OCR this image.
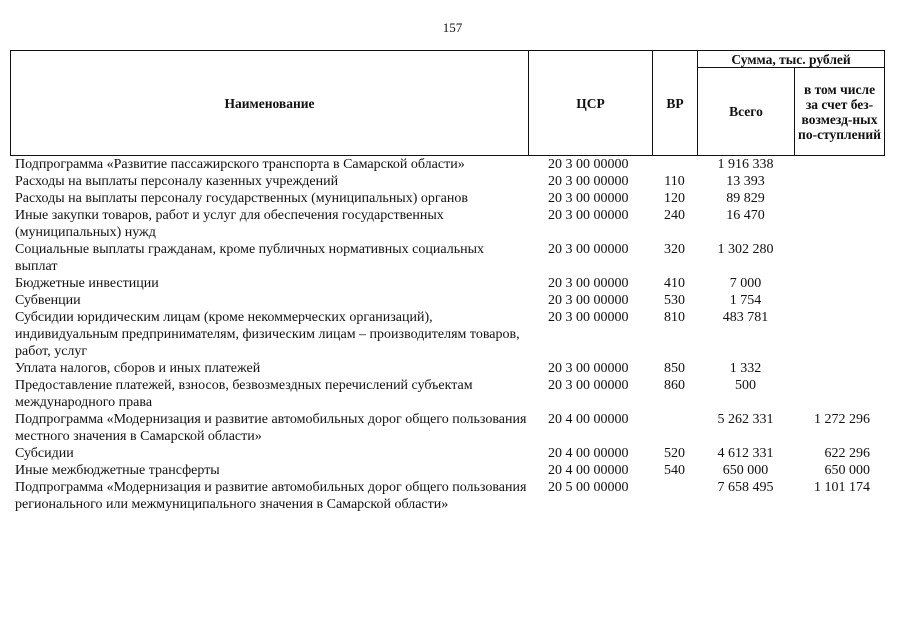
157
Наименование	ЦСР	ВР	Сумма, тыс. рублей	
			Всего	в том числе за счет без-возмезд-ных по-ступлений
Подпрограмма «Развитие пассажирского транспорта в Самарской области»	20 3 00 00000		1 916 338	
Расходы на выплаты персоналу казенных учреждений	20 3 00 00000	110	13 393	
Расходы на выплаты персоналу государственных (муниципальных) органов	20 3 00 00000	120	89 829	
Иные закупки товаров, работ и услуг для обеспечения государственных (муниципальных) нужд	20 3 00 00000	240	16 470	
Социальные выплаты гражданам, кроме публичных нормативных социальных выплат	20 3 00 00000	320	1 302 280	
Бюджетные инвестиции	20 3 00 00000	410	7 000	
Субвенции	20 3 00 00000	530	1 754	
Субсидии юридическим лицам (кроме некоммерческих организаций), индивидуальным предпринимателям, физическим лицам – производителям товаров, работ, услуг	20 3 00 00000	810	483 781	
Уплата налогов, сборов и иных платежей	20 3 00 00000	850	1 332	
Предоставление платежей, взносов, безвозмездных перечислений субъектам международного права	20 3 00 00000	860	500	
Подпрограмма «Модернизация и развитие автомобильных дорог общего пользования местного значения в Самарской области»	20 4 00 00000		5 262 331	1 272 296
Субсидии	20 4 00 00000	520	4 612 331	622 296
Иные межбюджетные трансферты	20 4 00 00000	540	650 000	650 000
Подпрограмма «Модернизация и развитие автомобильных дорог общего пользования регионального или межмуниципального значения в Самарской области»	20 5 00 00000		7 658 495	1 101 174
